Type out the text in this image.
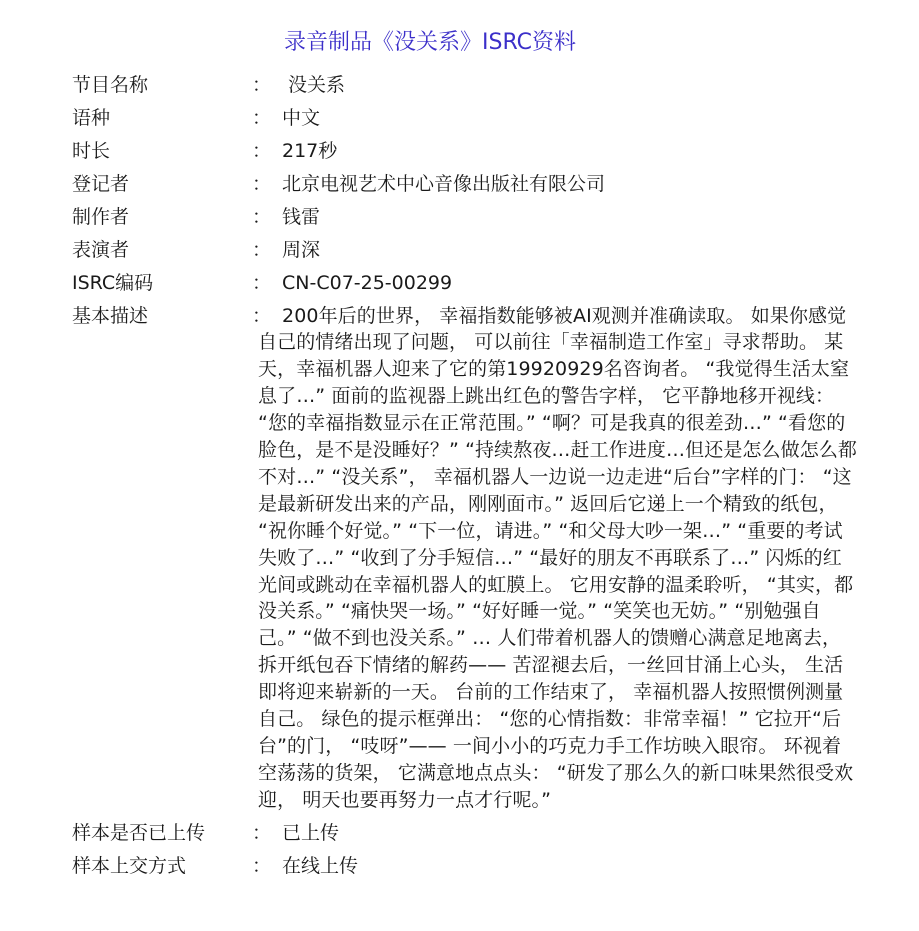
录音制品《没关系》ISRC资料
节目名称	： 没关系
语种	： 中文
时长	： 217秒
登记者	： 北京电视艺术中心音像出版社有限公司
制作者	： 钱雷
表演者	： 周深
ISRC编码	： CN-C07-25-00299
基本描述	： 200年后的世界， 幸福指数能够被AI观测并准确读取。 如果你感觉自己的情绪出现了问题， 可以前往「幸福制造工作室」寻求帮助。 某天，幸福机器人迎来了它的第19920929名咨询者。 “我觉得生活太窒息了…” 面前的监视器上跳出红色的警告字样， 它平静地移开视线： “您的幸福指数显示在正常范围。” “啊？可是我真的很差劲…” “看您的脸色，是不是没睡好？” “持续熬夜…赶工作进度…但还是怎么做怎么都不对…” “没关系”， 幸福机器人一边说一边走进“后台”字样的门： “这是最新研发出来的产品，刚刚面市。” 返回后它递上一个精致的纸包， “祝你睡个好觉。” “下一位，请进。” “和父母大吵一架…” “重要的考试失败了…” “收到了分手短信…” “最好的朋友不再联系了…” 闪烁的红光间或跳动在幸福机器人的虹膜上。 它用安静的温柔聆听， “其实，都没关系。” “痛快哭一场。” “好好睡一觉。” “笑笑也无妨。” “别勉强自己。” “做不到也没关系。” … 人们带着机器人的馈赠心满意足地离去， 拆开纸包吞下情绪的解药—— 苦涩褪去后，一丝回甘涌上心头， 生活即将迎来崭新的一天。 台前的工作结束了， 幸福机器人按照惯例测量自己。 绿色的提示框弹出： “您的心情指数：非常幸福！” 它拉开“后台”的门， “吱呀”—— 一间小小的巧克力手工作坊映入眼帘。 环视着空荡荡的货架， 它满意地点点头： “研发了那么久的新口味果然很受欢迎， 明天也要再努力一点才行呢。”
样本是否已上传	： 已上传
样本上交方式	： 在线上传
